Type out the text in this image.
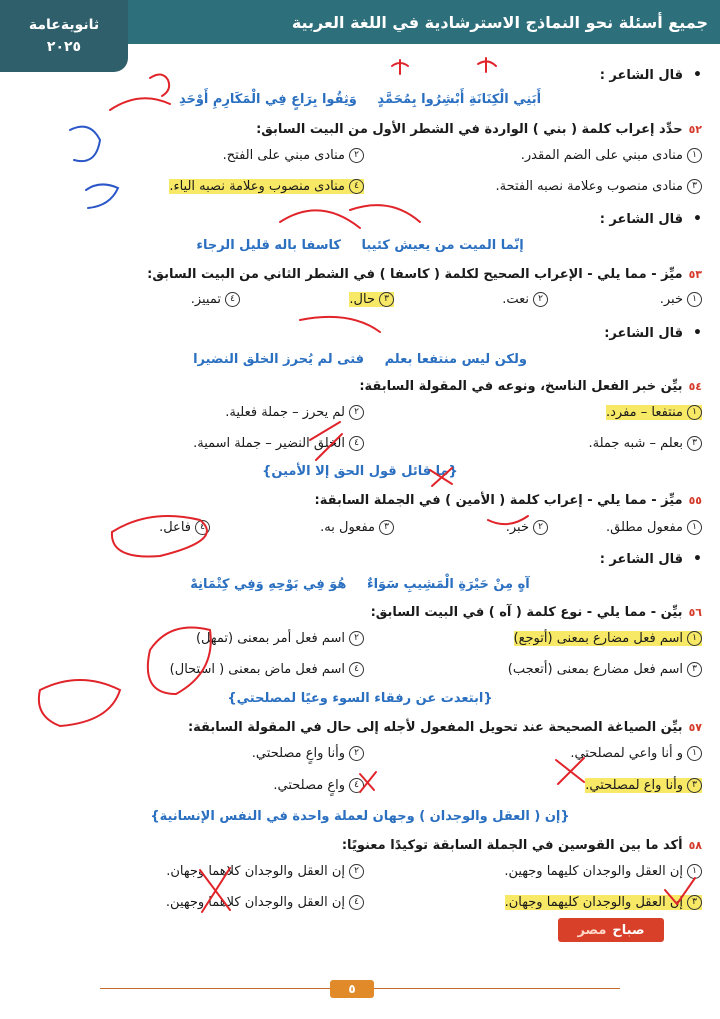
جميع أسئلة نحو النماذج الاسترشادية في اللغة العربية
ثانويةعامة
٢٠٢٥
• قال الشاعر :
أَبَنِي الْكِنَانَةِ أَبْشِرُوا بِمُحَمَّدٍ وَثِقُوا بِرَاعٍ فِي الْمَكَارِمِ أَوْحَدِ
٥٢حدِّد إعراب كلمة ( بني ) الواردة في الشطر الأول من البيت السابق:
١منادى مبني على الضم المقدر.
٢منادى مبني على الفتح.
٣منادى منصوب وعلامة نصبه الفتحة.
٤منادى منصوب وعلامة نصبه الياء.
• قال الشاعر :
إنّما الميت من يعيش كئيبا كاسفا باله قليل الرجاء
٥٣ميِّز - مما يلي - الإعراب الصحيح لكلمة ( كاسفا ) في الشطر الثاني من البيت السابق:
١خبر.
٢نعت.
٣حال.
٤تمييز.
• قال الشاعر:
ولكن ليس منتفعا بعلم فتى لم يُحرز الخلق النضيرا
٥٤بيِّن خبر الفعل الناسخ، ونوعه في المقولة السابقة:
١منتفعا – مفرد.
٢لم يحرز – جملة فعلية.
٣بعلم – شبه جملة.
٤الخلق النضير – جملة اسمية.
{ما قائل قول الحق إلا الأمين}
٥٥ميِّز - مما يلي - إعراب كلمة ( الأمين ) في الجملة السابقة:
١مفعول مطلق.
٢خبر.
٣مفعول به.
٤فاعل.
• قال الشاعر :
آهٍ مِنْ حَيْرَةِ الْمَشِيبِ سَوَاءٌ هُوَ فِي بَوْحِهِ وَفِي كِتْمَانِهْ
٥٦بيِّن - مما يلي - نوع كلمة ( آه ) في البيت السابق:
١اسم فعل مضارع بمعنى (أتوجع)
٢اسم فعل أمر بمعنى (تمهل)
٣اسم فعل مضارع بمعنى (أتعجب)
٤اسم فعل ماض بمعنى ( استحال)
{ابتعدت عن رفقاء السوء وعيًا لمصلحتي}
٥٧بيِّن الصياغة الصحيحة عند تحويل المفعول لأجله إلى حال في المقولة السابقة:
١و أنا واعي لمصلحتي.
٢وأنا واعٍ مصلحتي.
٣وأنا واع لمصلحتي.
٤واعٍ مصلحتي.
{إن ( العقل والوجدان ) وجهان لعملة واحدة في النفس الإنسانية}
٥٨أكد ما بين القوسين في الجملة السابقة توكيدًا معنويًا:
١إن العقل والوجدان كليهما وجهين.
٢إن العقل والوجدان كلاهما وجهان.
٣إن العقل والوجدان كليهما وجهان.
٤إن العقل والوجدان كلاهما وجهين.
صباح
مصر
٥
